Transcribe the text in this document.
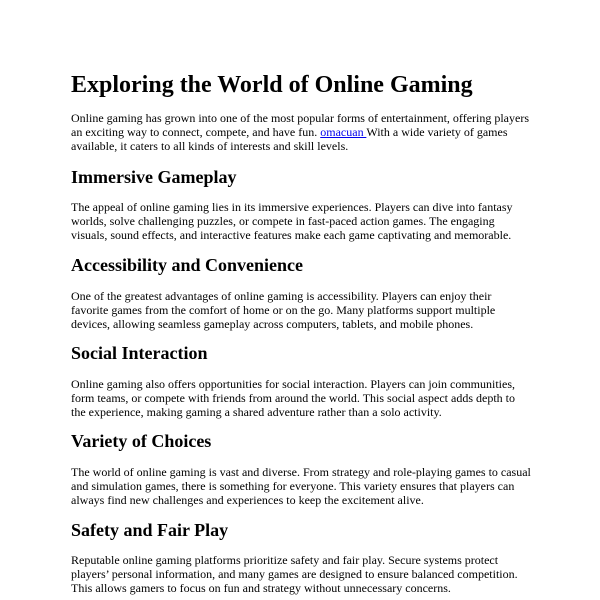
Exploring the World of Online Gaming

Online gaming has grown into one of the most popular forms of entertainment, offering players an exciting way to connect, compete, and have fun. omacuan With a wide variety of games available, it caters to all kinds of interests and skill levels.

Immersive Gameplay

The appeal of online gaming lies in its immersive experiences. Players can dive into fantasy worlds, solve challenging puzzles, or compete in fast-paced action games. The engaging visuals, sound effects, and interactive features make each game captivating and memorable.

Accessibility and Convenience

One of the greatest advantages of online gaming is accessibility. Players can enjoy their favorite games from the comfort of home or on the go. Many platforms support multiple devices, allowing seamless gameplay across computers, tablets, and mobile phones.

Social Interaction

Online gaming also offers opportunities for social interaction. Players can join communities, form teams, or compete with friends from around the world. This social aspect adds depth to the experience, making gaming a shared adventure rather than a solo activity.

Variety of Choices

The world of online gaming is vast and diverse. From strategy and role-playing games to casual and simulation games, there is something for everyone. This variety ensures that players can always find new challenges and experiences to keep the excitement alive.

Safety and Fair Play

Reputable online gaming platforms prioritize safety and fair play. Secure systems protect players’ personal information, and many games are designed to ensure balanced competition. This allows gamers to focus on fun and strategy without unnecessary concerns.
